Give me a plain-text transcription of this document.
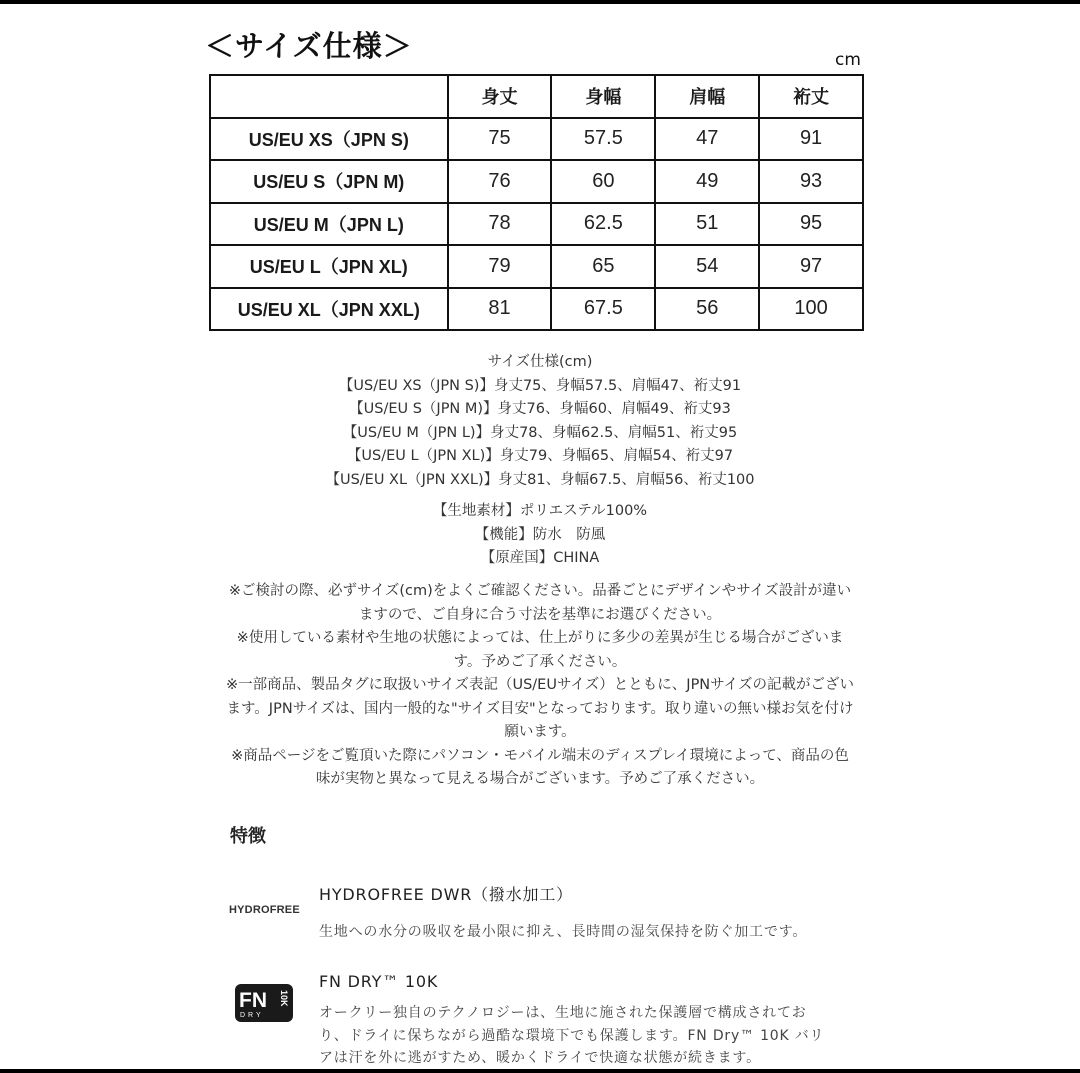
＜サイズ仕様＞	cm
	身丈	身幅	肩幅	裄丈
US/EU XS（JPN S)	75	57.5	47	91
US/EU S（JPN M)	76	60	49	93
US/EU M（JPN L)	78	62.5	51	95
US/EU L（JPN XL)	79	65	54	97
US/EU XL（JPN XXL)	81	67.5	56	100
サイズ仕様(cm)
【US/EU XS（JPN S)】身丈75、身幅57.5、肩幅47、裄丈91
【US/EU S（JPN M)】身丈76、身幅60、肩幅49、裄丈93
【US/EU M（JPN L)】身丈78、身幅62.5、肩幅51、裄丈95
【US/EU L（JPN XL)】身丈79、身幅65、肩幅54、裄丈97
【US/EU XL（JPN XXL)】身丈81、身幅67.5、肩幅56、裄丈100
【生地素材】ポリエステル100%
【機能】防水　防風
【原産国】CHINA
※ご検討の際、必ずサイズ(cm)をよくご確認ください。品番ごとにデザインやサイズ設計が違い
ますので、ご自身に合う寸法を基準にお選びください。
※使用している素材や生地の状態によっては、仕上がりに多少の差異が生じる場合がございま
す。予めご了承ください。
※一部商品、製品タグに取扱いサイズ表記（US/EUサイズ）とともに、JPNサイズの記載がござい
ます。JPNサイズは、国内一般的な"サイズ目安"となっております。取り違いの無い様お気を付け
願います。
※商品ページをご覧頂いた際にパソコン・モバイル端末のディスプレイ環境によって、商品の色
味が実物と異なって見える場合がございます。予めご了承ください。
特徴
HYDROFREE
HYDROFREE DWR（撥水加工）
生地への水分の吸収を最小限に抑え、長時間の湿気保持を防ぐ加工です。
FN
DRY
10K
FN DRY™ 10K
オークリー独自のテクノロジーは、生地に施された保護層で構成されてお
り、ドライに保ちながら過酷な環境下でも保護します。FN Dry™ 10K バリ
アは汗を外に逃がすため、暖かくドライで快適な状態が続きます。
